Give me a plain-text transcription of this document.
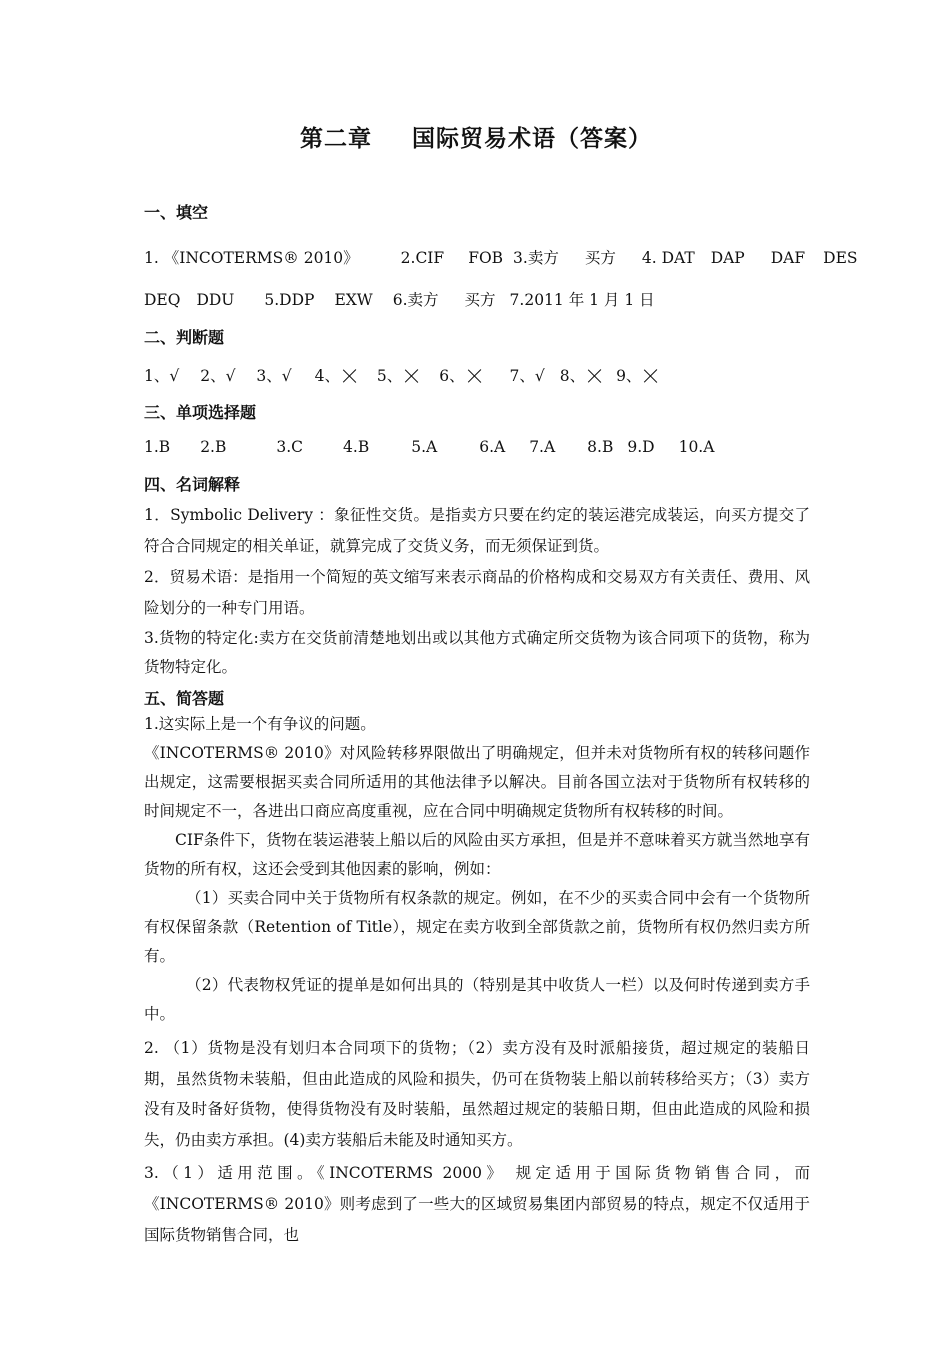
第二章 国际贸易术语（答案）
一、填空
1. 《INCOTERMS® 2010》	2.CIF FOB 3.卖方 买方 4. DAT DAP DAF DES
DEQ DDU 5.DDP EXW 6.卖方 买方 7.2011 年 1 月 1 日
二、判断题
1、√ 2、√ 3、√ 4、 5、 6、	7、√ 8、 9、
三、单项选择题
1.B 2.B	3.C	4.B	5.A	6.A 7.A 8.B 9.D 10.A
四、名词解释
1．Symbolic Delivery ：象征性交货。是指卖方只要在约定的装运港完成装运，向买方提交了符合合同规定的相关单证，就算完成了交货义务，而无须保证到货。
2．贸易术语：是指用一个简短的英文缩写来表示商品的价格构成和交易双方有关责任、费用、风险划分的一种专门用语。
3.货物的特定化:卖方在交货前清楚地划出或以其他方式确定所交货物为该合同项下的货物，称为货物特定化。
五、简答题
1.这实际上是一个有争议的问题。
《INCOTERMS® 2010》对风险转移界限做出了明确规定，但并未对货物所有权的转移问题作出规定，这需要根据买卖合同所适用的其他法律予以解决。目前各国立法对于货物所有权转移的时间规定不一，各进出口商应高度重视，应在合同中明确规定货物所有权转移的时间。
CIF条件下，货物在装运港装上船以后的风险由买方承担，但是并不意味着买方就当然地享有货物的所有权，这还会受到其他因素的影响，例如：
（1）买卖合同中关于货物所有权条款的规定。例如，在不少的买卖合同中会有一个货物所有权保留条款（Retention of Title），规定在卖方收到全部货款之前，货物所有权仍然归卖方所有。
（2）代表物权凭证的提单是如何出具的（特别是其中收货人一栏）以及何时传递到卖方手中。
2. （1）货物是没有划归本合同项下的货物；（2）卖方没有及时派船接货，超过规定的装船日期，虽然货物未装船，但由此造成的风险和损失，仍可在货物装上船以前转移给买方；（3）卖方没有及时备好货物，使得货物没有及时装船，虽然超过规定的装船日期，但由此造成的风险和损失，仍由卖方承担。(4)卖方装船后未能及时通知买方。
3.（1）适用范围。《INCOTERMS 2000》 规定适用于国际货物销售合同，而《INCOTERMS® 2010》则考虑到了一些大的区域贸易集团内部贸易的特点，规定不仅适用于国际货物销售合同，也
